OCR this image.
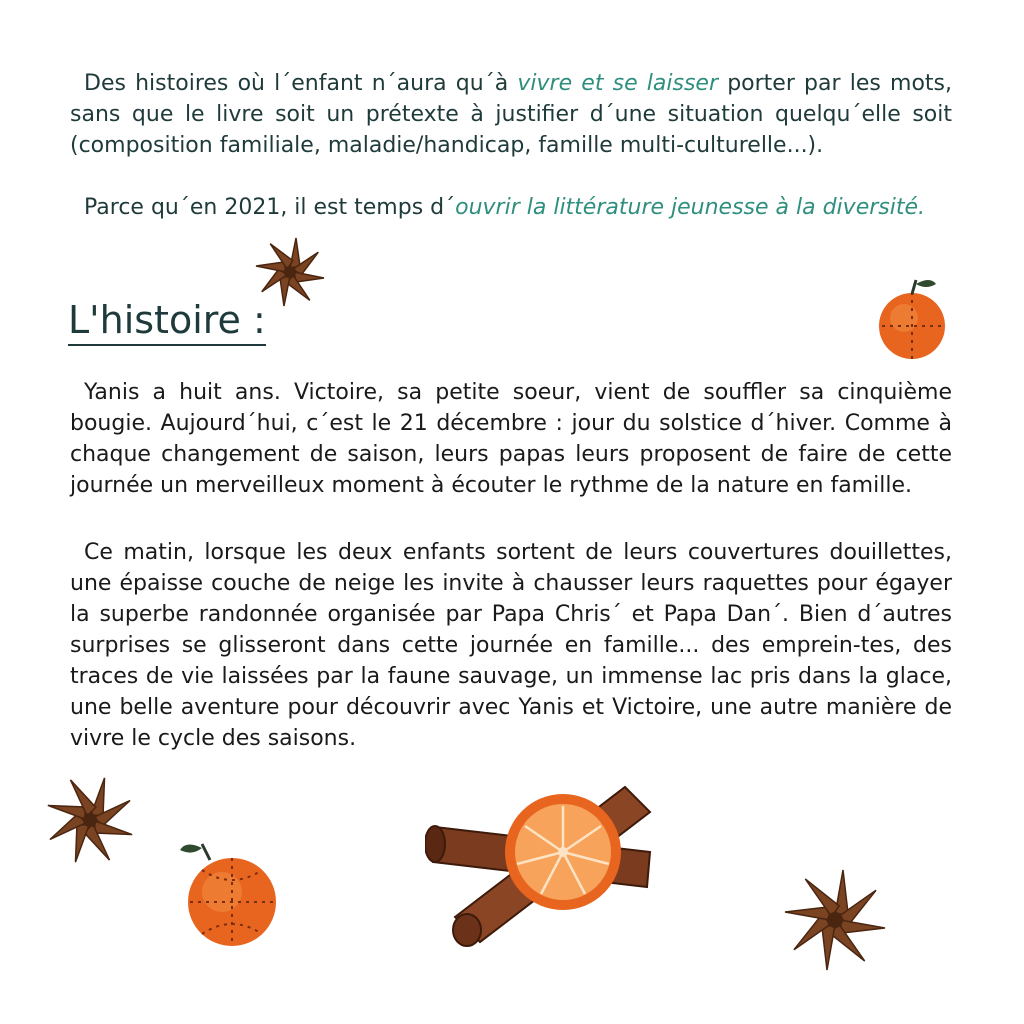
Des histoires où l´enfant n´aura qu´à vivre et se laisser porter par les mots, sans que le livre soit un prétexte à justifier d´une situation quelqu´elle soit (composition familiale, maladie/handicap, famille multi-culturelle...).

Parce qu´en 2021, il est temps d´ouvrir la littérature jeunesse à la diversité.

L'histoire :

Yanis a huit ans. Victoire, sa petite soeur, vient de souffler sa cinquième bougie. Aujourd´hui, c´est le 21 décembre : jour du solstice d´hiver. Comme à chaque changement de saison, leurs papas leurs proposent de faire de cette journée un merveilleux moment à écouter le rythme de la nature en famille.

Ce matin, lorsque les deux enfants sortent de leurs couvertures douillettes, une épaisse couche de neige les invite à chausser leurs raquettes pour égayer la superbe randonnée organisée par Papa Chris´ et Papa Dan´. Bien d´autres surprises se glisseront dans cette journée en famille... des emprein-tes, des traces de vie laissées par la faune sauvage, un immense lac pris dans la glace, une belle aventure pour découvrir avec Yanis et Victoire, une autre manière de vivre le cycle des saisons.
